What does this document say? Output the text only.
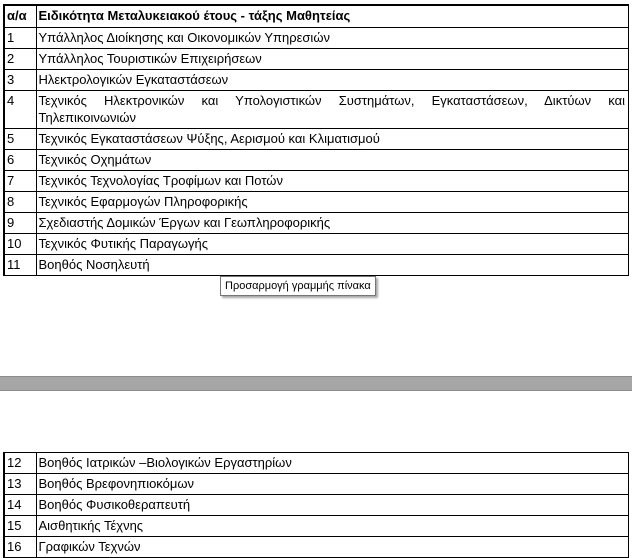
α/α	Ειδικότητα Μεταλυκειακού έτους - τάξης Μαθητείας
1	Υπάλληλος Διοίκησης και Οικονομικών Υπηρεσιών
2	Υπάλληλος Τουριστικών Επιχειρήσεων
3	Ηλεκτρολογικών Εγκαταστάσεων
4	Τεχνικός Ηλεκτρονικών και Υπολογιστικών Συστημάτων, Εγκαταστάσεων, Δικτύων και Τηλεπικοινωνιών
5	Τεχνικός Εγκαταστάσεων Ψύξης, Αερισμού και Κλιματισμού
6	Τεχνικός Οχημάτων
7	Τεχνικός Τεχνολογίας Τροφίμων και Ποτών
8	Τεχνικός Εφαρμογών Πληροφορικής
9	Σχεδιαστής Δομικών Έργων και Γεωπληροφορικής
10	Τεχνικός Φυτικής Παραγωγής
11	Βοηθός Νοσηλευτή
Προσαρμογή γραμμής πίνακα
12	Βοηθός Ιατρικών –Βιολογικών Εργαστηρίων
13	Βοηθός Βρεφονηπιοκόμων
14	Βοηθός Φυσικοθεραπευτή
15	Αισθητικής Τέχνης
16	Γραφικών Τεχνών
